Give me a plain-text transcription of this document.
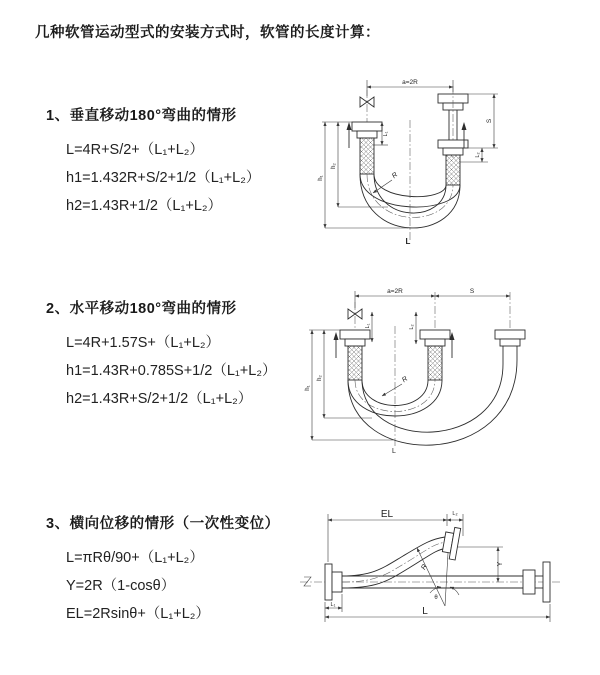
几种软管运动型式的安装方式时，软管的长度计算：
1、垂直移动180°弯曲的情形
L=4R+S/2+（L₁+L₂）
h1=1.432R+S/2+1/2（L₁+L₂）
h2=1.43R+1/2（L₁+L₂）
2、水平移动180°弯曲的情形
L=4R+1.57S+（L₁+L₂）
h1=1.43R+0.785S+1/2（L₁+L₂）
h2=1.43R+S/2+1/2（L₁+L₂）
3、横向位移的情形（一次性变位）
L=πRθ/90+（L₁+L₂）
Y=2R（1-cosθ）
EL=2Rsinθ+（L₁+L₂）
a=2R
h₁
h₂
L₁
S
L₂
R
L
a=2R	S
h₁
h₂
L₁	L₂
R
L
θ
R
EL	L₂
Y
L
L₁
